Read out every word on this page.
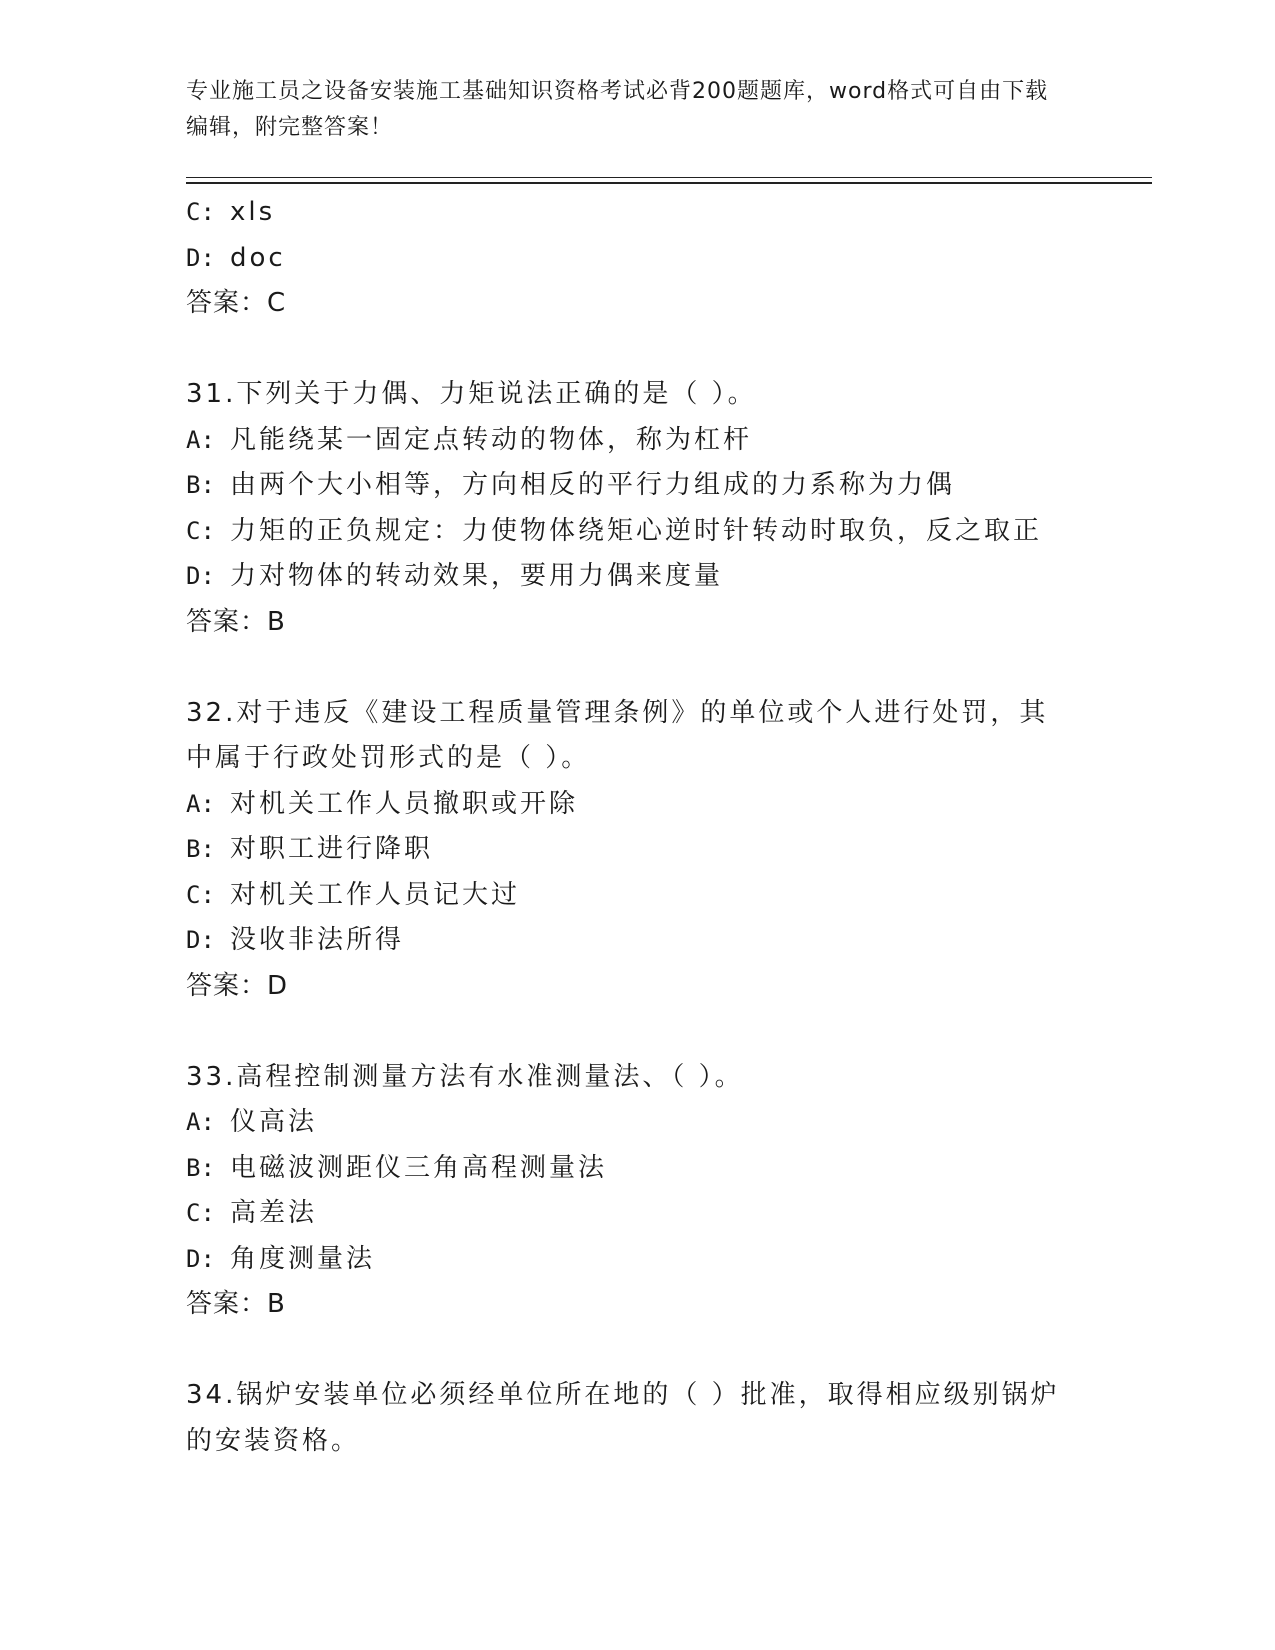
专业施工员之设备安装施工基础知识资格考试必背200题题库，word格式可自由下载编辑，附完整答案！
C: xls
D: doc
答案：C
31.下列关于力偶、力矩说法正确的是（ ）。
A: 凡能绕某一固定点转动的物体，称为杠杆
B: 由两个大小相等，方向相反的平行力组成的力系称为力偶
C: 力矩的正负规定：力使物体绕矩心逆时针转动时取负，反之取正
D: 力对物体的转动效果，要用力偶来度量
答案：B
32.对于违反《建设工程质量管理条例》的单位或个人进行处罚，其中属于行政处罚形式的是（ ）。
A: 对机关工作人员撤职或开除
B: 对职工进行降职
C: 对机关工作人员记大过
D: 没收非法所得
答案：D
33.高程控制测量方法有水准测量法、（ ）。
A: 仪高法
B: 电磁波测距仪三角高程测量法
C: 高差法
D: 角度测量法
答案：B
34.锅炉安装单位必须经单位所在地的（ ）批准，取得相应级别锅炉的安装资格。
